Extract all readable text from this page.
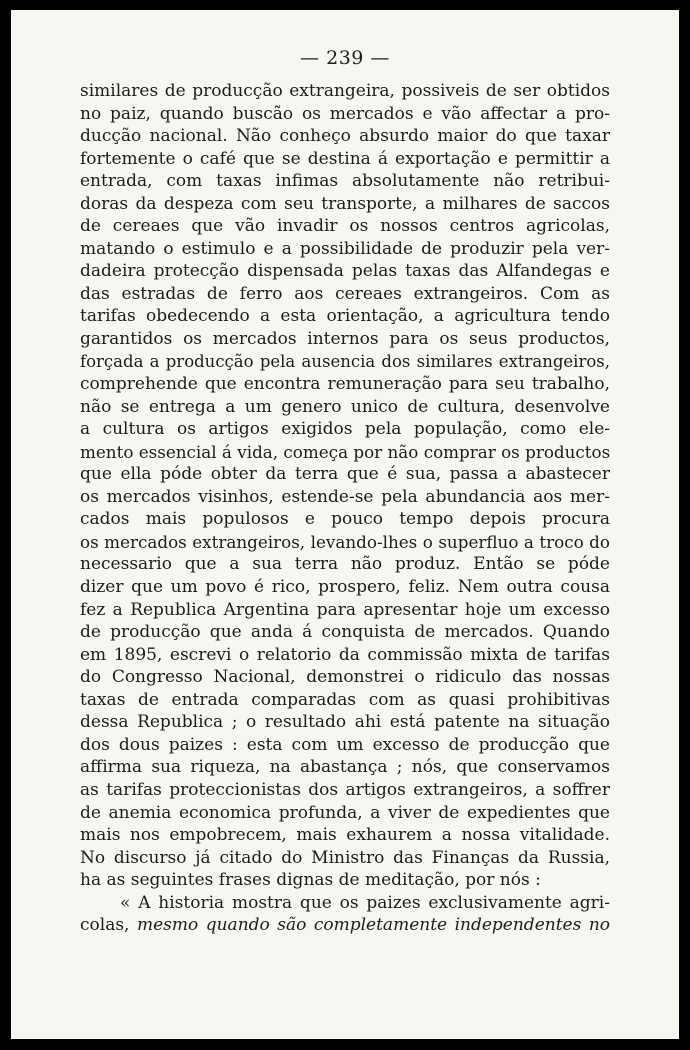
— 239 —
similares de producção extrangeira, possiveis de ser obtidos
no paiz, quando buscão os mercados e vão affectar a pro-
ducção nacional. Não conheço absurdo maior do que taxar
fortemente o café que se destina á exportação e permittir a
entrada, com taxas infimas absolutamente não retribui-
doras da despeza com seu transporte, a milhares de saccos
de cereaes que vão invadir os nossos centros agricolas,
matando o estimulo e a possibilidade de produzir pela ver-
dadeira protecção dispensada pelas taxas das Alfandegas e
das estradas de ferro aos cereaes extrangeiros. Com as
tarifas obedecendo a esta orientação, a agricultura tendo
garantidos os mercados internos para os seus productos,
forçada a producção pela ausencia dos similares extrangeiros,
comprehende que encontra remuneração para seu trabalho,
não se entrega a um genero unico de cultura, desenvolve
a cultura os artigos exigidos pela população, como ele-
mento essencial á vida, começa por não comprar os productos
que ella póde obter da terra que é sua, passa a abastecer
os mercados visinhos, estende-se pela abundancia aos mer-
cados mais populosos e pouco tempo depois procura
os mercados extrangeiros, levando-lhes o superfluo a troco do
necessario que a sua terra não produz. Então se póde
dizer que um povo é rico, prospero, feliz. Nem outra cousa
fez a Republica Argentina para apresentar hoje um excesso
de producção que anda á conquista de mercados. Quando
em 1895, escrevi o relatorio da commissão mixta de tarifas
do Congresso Nacional, demonstrei o ridiculo das nossas
taxas de entrada comparadas com as quasi prohibitivas
dessa Republica ; o resultado ahi está patente na situação
dos dous paizes : esta com um excesso de producção que
affirma sua riqueza, na abastança ; nós, que conservamos
as tarifas proteccionistas dos artigos extrangeiros, a soffrer
de anemia economica profunda, a viver de expedientes que
mais nos empobrecem, mais exhaurem a nossa vitalidade.
No discurso já citado do Ministro das Finanças da Russia,
ha as seguintes frases dignas de meditação, por nós :
« A historia mostra que os paizes exclusivamente agri-
colas, mesmo quando são completamente independentes no
